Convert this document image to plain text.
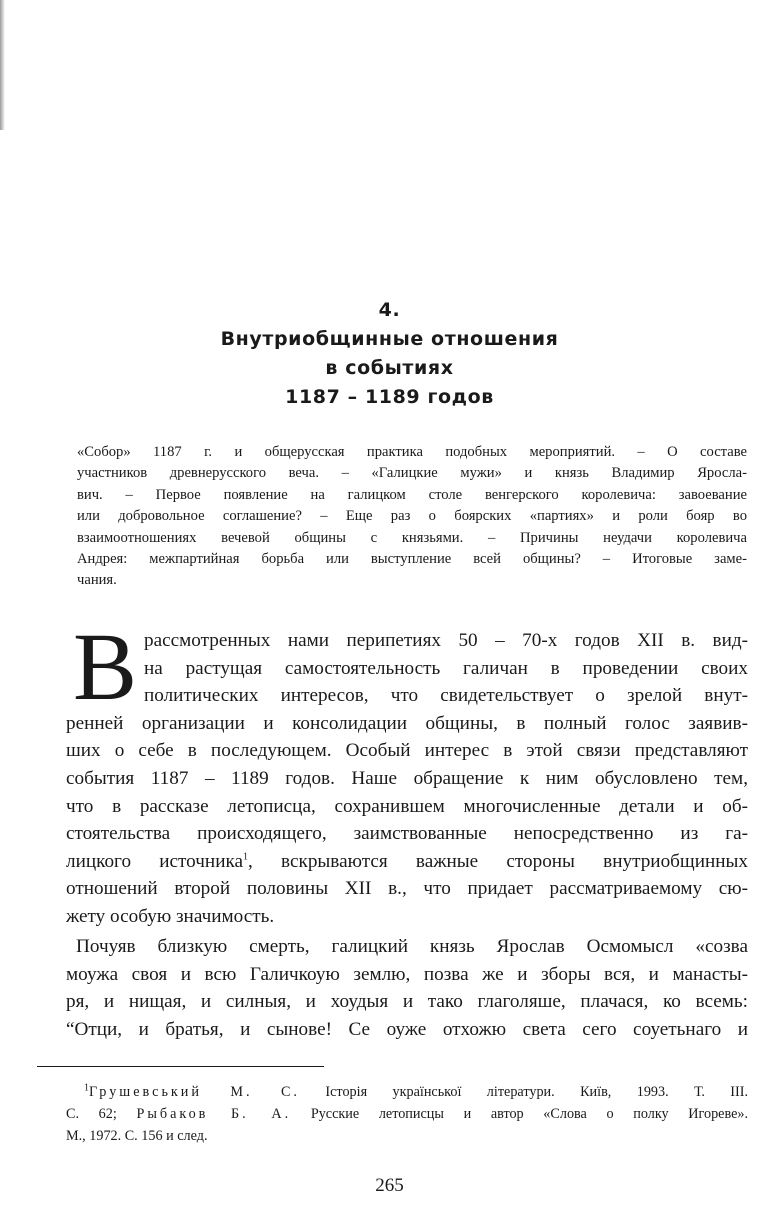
4.
Внутриобщинные отношения
в событиях
1187 – 1189 годов
«Собор» 1187 г. и общерусская практика подобных мероприятий. – О составе
участников древнерусского веча. – «Галицкие мужи» и князь Владимир Яросла-
вич. – Первое появление на галицком столе венгерского королевича: завоевание
или добровольное соглашение? – Еще раз о боярских «партиях» и роли бояр во
взаимоотношениях вечевой общины с князьями. – Причины неудачи королевича
Андрея: межпартийная борьба или выступление всей общины? – Итоговые заме-
чания.
В рассмотренных нами перипетиях 50 – 70-х годов XII в. вид-
на растущая самостоятельность галичан в проведении своих
политических интересов, что свидетельствует о зрелой внут-
ренней организации и консолидации общины, в полный голос заявив-
ших о себе в последующем. Особый интерес в этой связи представляют
события 1187 – 1189 годов. Наше обращение к ним обусловлено тем,
что в рассказе летописца, сохранившем многочисленные детали и об-
стоятельства происходящего, заимствованные непосредственно из га-
лицкого источника$^1$, вскрываются важные стороны внутриобщинных
отношений второй половины XII в., что придает рассматриваемому сю-
жету особую значимость.
Почуяв близкую смерть, галицкий князь Ярослав Осмомысл «созва
моужа своя и всю Галичкоую землю, позва же и зборы вся, и манасты-
ря, и нищая, и силныя, и хоудыя и тако глаголяше, плачася, ко всемь:
“Отци, и братья, и сынове! Се оуже отхожю света сего соуетьнаго и
$^1$Грушевський М. С. Історія української літератури. Київ, 1993. Т. III.
С. 62; Рыбаков Б. А. Русские летописцы и автор «Слова о полку Игореве».
М., 1972. С. 156 и след.
265
